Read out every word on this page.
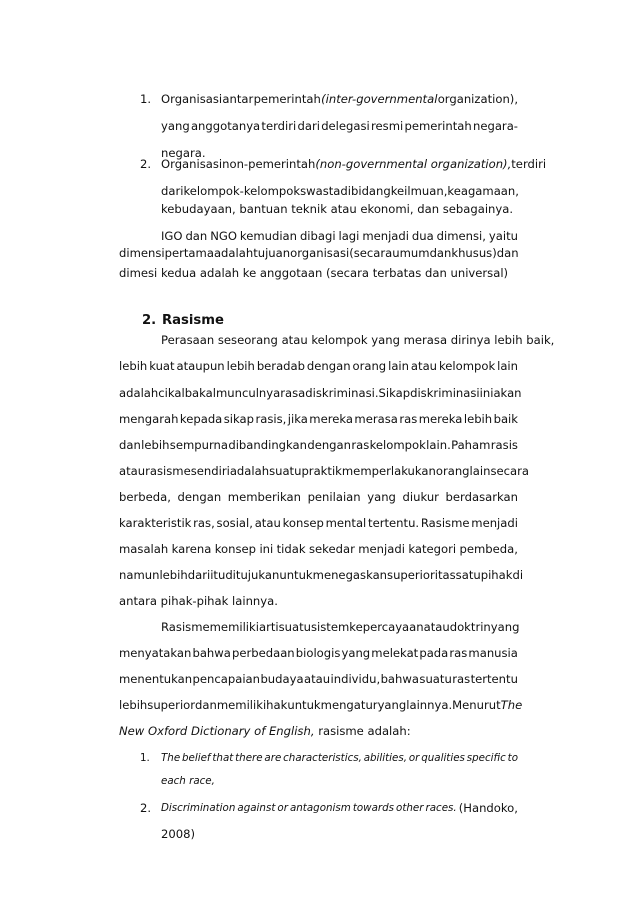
1. Organisasi antar pemerintah (inter-governmental organization),
yang anggotanya terdiri dari delegasi resmi pemerintah negara-
negara.
2. Organisasi non-pemerintah (non-governmental organization), terdiri
dari kelompok-kelompok swasta di bidang keilmuan, keagamaan,
kebudayaan, bantuan teknik atau ekonomi, dan sebagainya.
IGO dan NGO kemudian dibagi lagi menjadi dua dimensi, yaitu
dimensi pertama adalah tujuan organisasi (secara umum dan khusus) dan
dimesi kedua adalah ke anggotaan (secara terbatas dan universal)
2. Rasisme
Perasaan seseorang atau kelompok yang merasa dirinya lebih baik,
lebih kuat ataupun lebih beradab dengan orang lain atau kelompok lain
adalah cikal bakal munculnya rasa diskriminasi. Sikap diskriminasi ini akan
mengarah kepada sikap rasis, jika mereka merasa ras mereka lebih baik
dan lebih sempurna dibandingkan dengan ras kelompok lain. Paham rasis
atau rasisme sendiri adalah suatu praktik memperlakukan orang lain secara
berbeda, dengan memberikan penilaian yang diukur berdasarkan
karakteristik ras, sosial, atau konsep mental tertentu. Rasisme menjadi
masalah karena konsep ini tidak sekedar menjadi kategori pembeda,
namun lebih dari itu ditujukan untuk menegaskan superioritas satu pihak di
antara pihak-pihak lainnya.
Rasisme memiliki arti suatu sistem kepercayaan atau doktrin yang
menyatakan bahwa perbedaan biologis yang melekat pada ras manusia
menentukan pencapaian budaya atau individu, bahwa suatu ras tertentu
lebih superior dan memiliki hak untuk mengatur yang lainnya. Menurut The
New Oxford Dictionary of English, rasisme adalah:
1. The belief that there are characteristics, abilities, or qualities specific to
each race,
2. Discrimination against or antagonism towards other races. (Handoko,
2008)
